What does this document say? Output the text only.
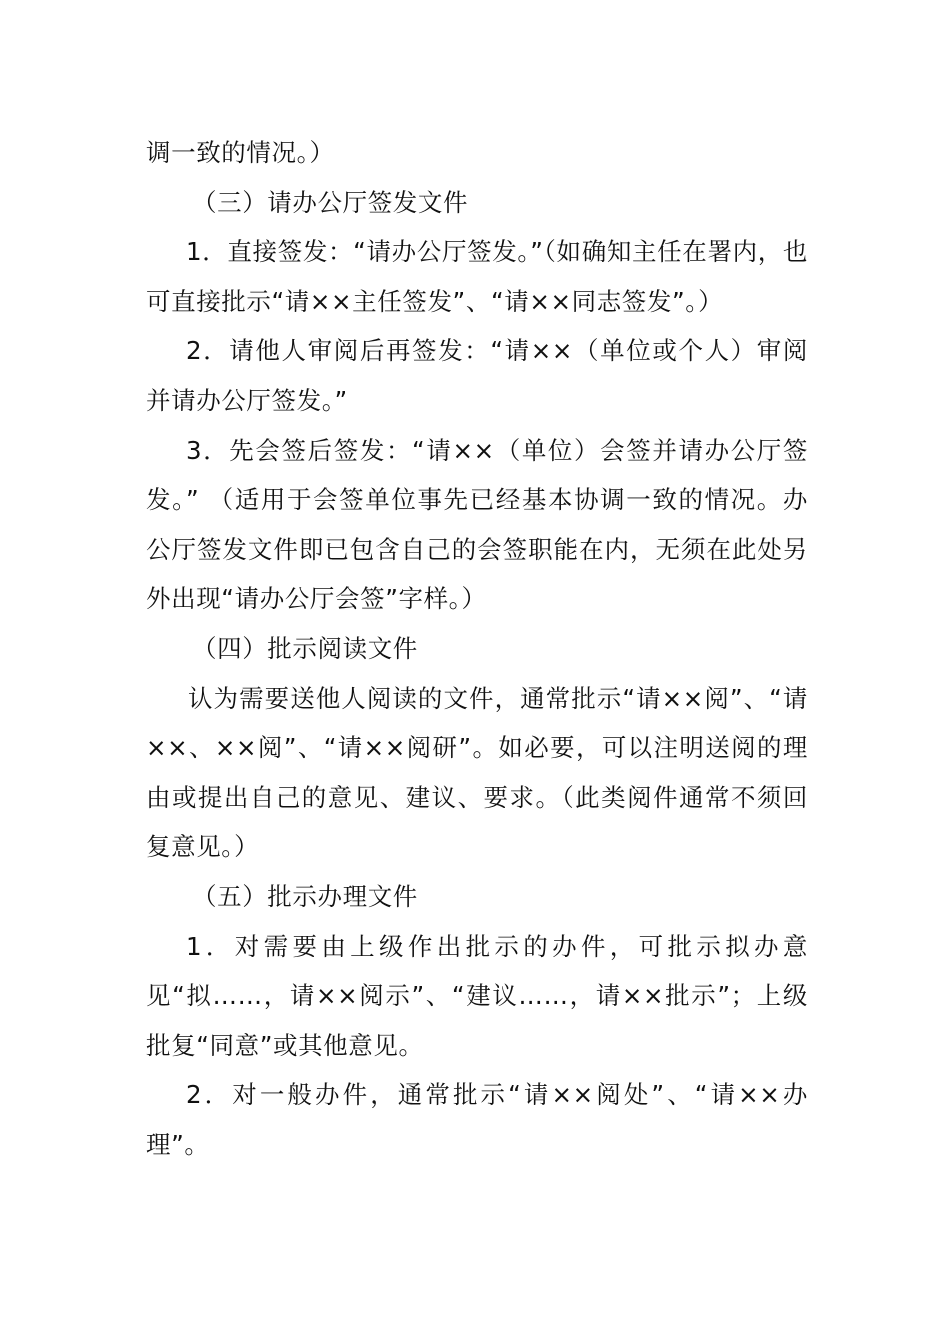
调一致的情况。）

（三）请办公厅签发文件

1．直接签发：“请办公厅签发。”（如确知主任在署内，也可直接批示“请××主任签发”、“请××同志签发”。）

2．请他人审阅后再签发：“请××（单位或个人）审阅并请办公厅签发。”

3．先会签后签发：“请××（单位）会签并请办公厅签发。” （适用于会签单位事先已经基本协调一致的情况。办公厅签发文件即已包含自己的会签职能在内，无须在此处另外出现“请办公厅会签”字样。）

（四）批示阅读文件

认为需要送他人阅读的文件，通常批示“请××阅”、“请××、××阅”、“请××阅研”。如必要，可以注明送阅的理由或提出自己的意见、建议、要求。（此类阅件通常不须回复意见。）

（五）批示办理文件

1．对需要由上级作出批示的办件，可批示拟办意见“拟……，请××阅示”、“建议……，请××批示”；上级批复“同意”或其他意见。

2．对一般办件，通常批示“请××阅处”、“请××办理”。
